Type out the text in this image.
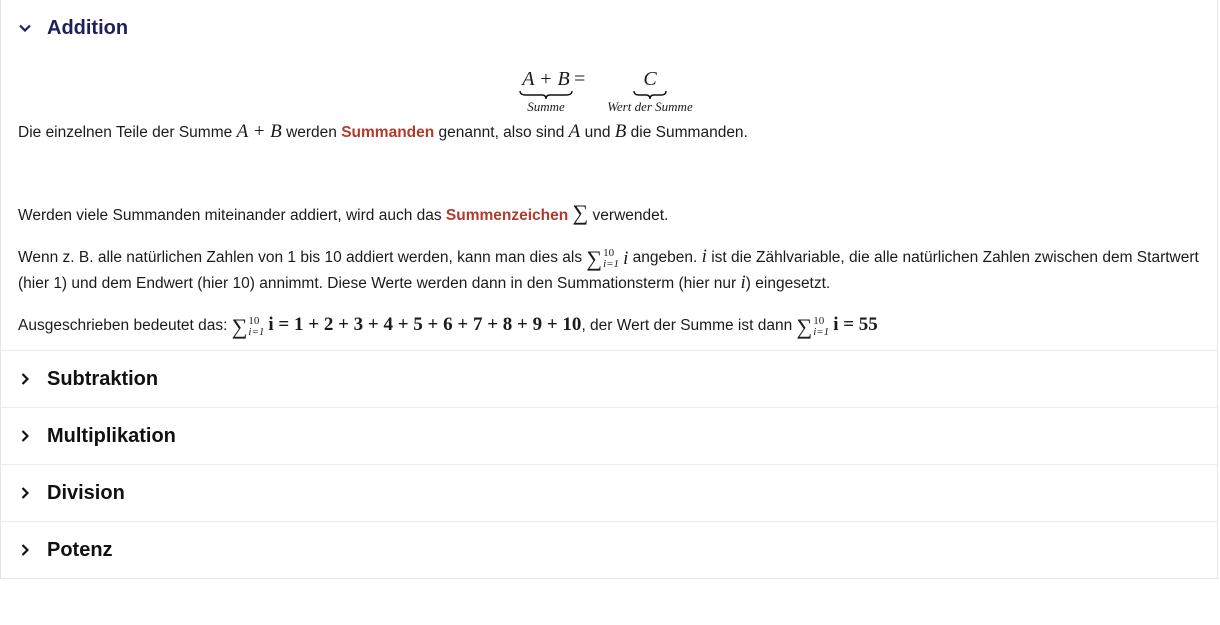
Addition
A + B
Summe
=	C
Wert der Summe

Die einzelnen Teile der Summe A + B werden Summanden genannt, also sind A und B die Summanden.

Werden viele Summanden miteinander addiert, wird auch das Summenzeichen ∑ verwendet.

Wenn z. B. alle natürlichen Zahlen von 1 bis 10 addiert werden, kann man dies als ∑ 10
i=1 i angeben. i ist die Zählvariable, die alle natürlichen Zahlen zwischen dem Startwert (hier 1) und dem Endwert (hier 10) annimmt. Diese Werte werden dann in den Summationsterm (hier nur i) eingesetzt.

Ausgeschrieben bedeutet das: ∑ 10
i=1 i = 1 + 2 + 3 + 4 + 5 + 6 + 7 + 8 + 9 + 10, der Wert der Summe ist dann ∑ 10
i=1 i = 55

Subtraktion
Multiplikation
Division
Potenz
